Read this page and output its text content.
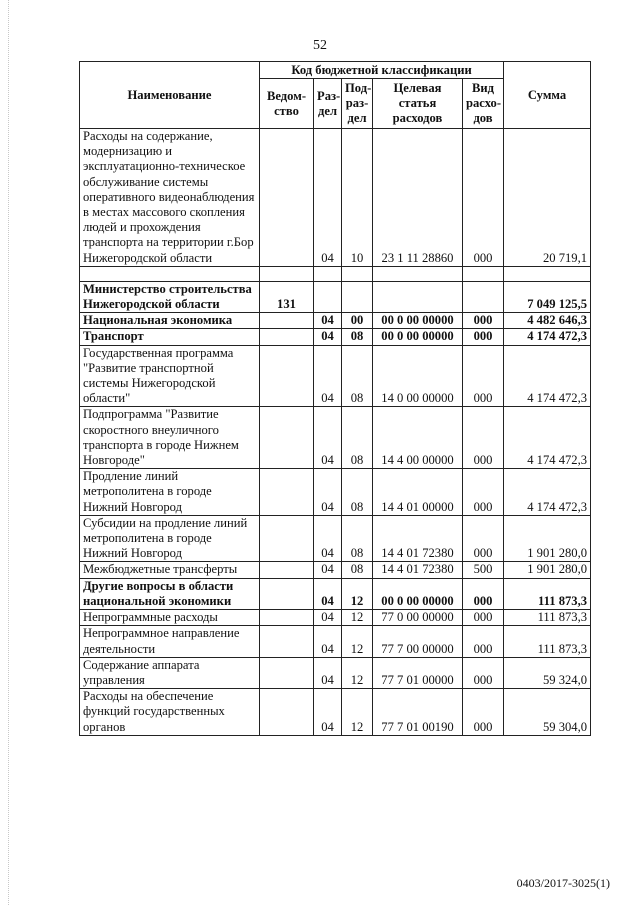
52
Наименование	Код бюджетной классификации					Сумма
	Ведом-ство	Раз-дел	Под-раз-дел	Целевая статья расходов	Вид расхо-дов	
Расходы на содержание, модернизацию и эксплуатационно-техническое обслуживание системы оперативного видеонаблюдения в местах массового скопления людей и прохождения транспорта на территории г.Бор Нижегородской области		04	10	23 1 11 28860	000	20 719,1

Министерство строительства Нижегородской области	131					7 049 125,5
Национальная экономика		04	00	00 0 00 00000	000	4 482 646,3
Транспорт		04	08	00 0 00 00000	000	4 174 472,3
Государственная программа "Развитие транспортной системы Нижегородской области"		04	08	14 0 00 00000	000	4 174 472,3
Подпрограмма "Развитие скоростного внеуличного транспорта в городе Нижнем Новгороде"		04	08	14 4 00 00000	000	4 174 472,3
Продление линий метрополитена в городе Нижний Новгород		04	08	14 4 01 00000	000	4 174 472,3
Субсидии на продление линий метрополитена в городе Нижний Новгород		04	08	14 4 01 72380	000	1 901 280,0
Межбюджетные трансферты		04	08	14 4 01 72380	500	1 901 280,0
Другие вопросы в области национальной экономики		04	12	00 0 00 00000	000	111 873,3
Непрограммные расходы		04	12	77 0 00 00000	000	111 873,3
Непрограммное направление деятельности		04	12	77 7 00 00000	000	111 873,3
Содержание аппарата управления		04	12	77 7 01 00000	000	59 324,0
Расходы на обеспечение функций государственных органов		04	12	77 7 01 00190	000	59 304,0
0403/2017-3025(1)
